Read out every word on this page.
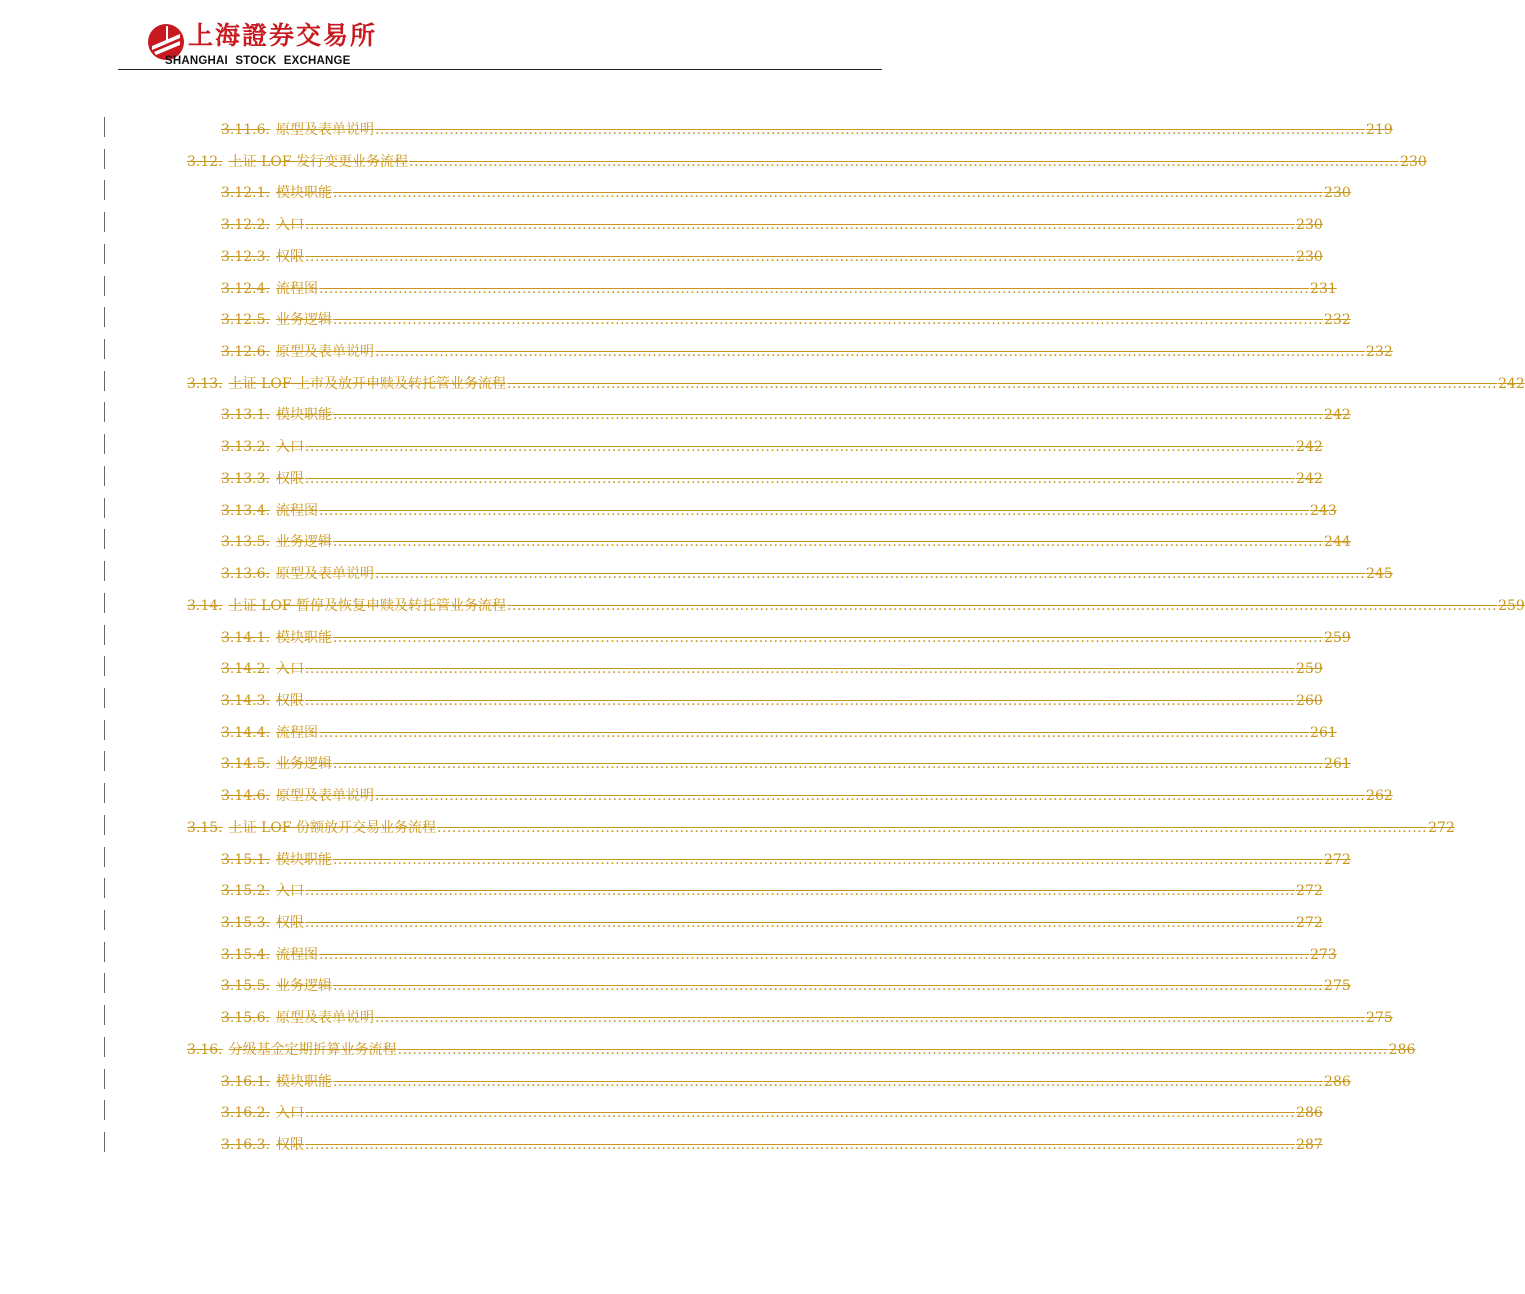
上海證券交易所
SHANGHAI STOCK EXCHANGE
3.11.6. 原型及表单说明 ........................................................................................................................................................................................................ 219
3.12. 上证 LOF 发行变更业务流程 ........................................................................................................................................................................................................ 230
3.12.1. 模块职能 ........................................................................................................................................................................................................ 230
3.12.2. 入口 ........................................................................................................................................................................................................ 230
3.12.3. 权限 ........................................................................................................................................................................................................ 230
3.12.4. 流程图 ........................................................................................................................................................................................................ 231
3.12.5. 业务逻辑 ........................................................................................................................................................................................................ 232
3.12.6. 原型及表单说明 ........................................................................................................................................................................................................ 232
3.13. 上证 LOF 上市及放开申赎及转托管业务流程 ........................................................................................................................................................................................................ 242
3.13.1. 模块职能 ........................................................................................................................................................................................................ 242
3.13.2. 入口 ........................................................................................................................................................................................................ 242
3.13.3. 权限 ........................................................................................................................................................................................................ 242
3.13.4. 流程图 ........................................................................................................................................................................................................ 243
3.13.5. 业务逻辑 ........................................................................................................................................................................................................ 244
3.13.6. 原型及表单说明 ........................................................................................................................................................................................................ 245
3.14. 上证 LOF 暂停及恢复申赎及转托管业务流程 ........................................................................................................................................................................................................ 259
3.14.1. 模块职能 ........................................................................................................................................................................................................ 259
3.14.2. 入口 ........................................................................................................................................................................................................ 259
3.14.3. 权限 ........................................................................................................................................................................................................ 260
3.14.4. 流程图 ........................................................................................................................................................................................................ 261
3.14.5. 业务逻辑 ........................................................................................................................................................................................................ 261
3.14.6. 原型及表单说明 ........................................................................................................................................................................................................ 262
3.15. 上证 LOF 份额放开交易业务流程 ........................................................................................................................................................................................................ 272
3.15.1. 模块职能 ........................................................................................................................................................................................................ 272
3.15.2. 入口 ........................................................................................................................................................................................................ 272
3.15.3. 权限 ........................................................................................................................................................................................................ 272
3.15.4. 流程图 ........................................................................................................................................................................................................ 273
3.15.5. 业务逻辑 ........................................................................................................................................................................................................ 275
3.15.6. 原型及表单说明 ........................................................................................................................................................................................................ 275
3.16. 分级基金定期折算业务流程 ........................................................................................................................................................................................................ 286
3.16.1. 模块职能 ........................................................................................................................................................................................................ 286
3.16.2. 入口 ........................................................................................................................................................................................................ 286
3.16.3. 权限 ........................................................................................................................................................................................................ 287
